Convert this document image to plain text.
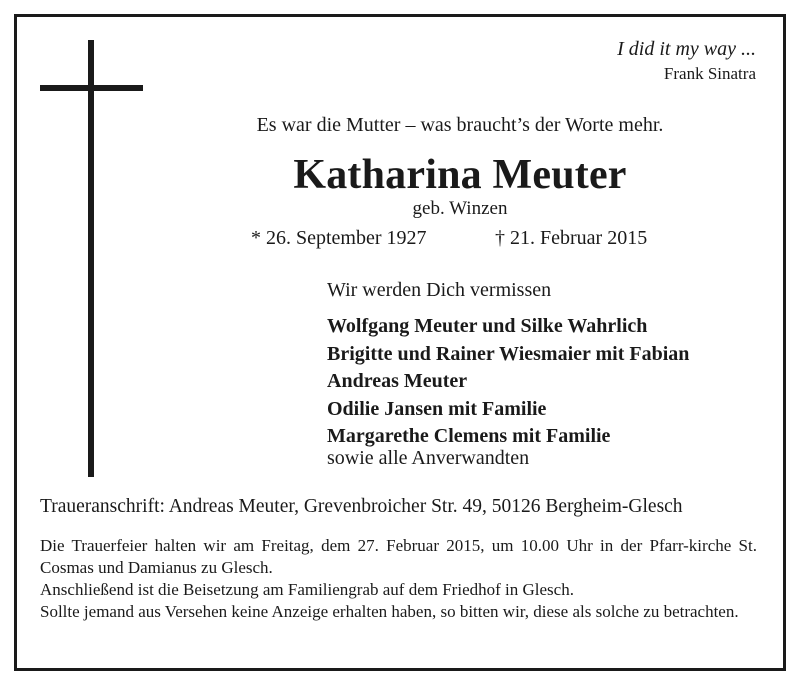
I did it my way ...
Frank Sinatra
Es war die Mutter – was braucht’s der Worte mehr.
Katharina Meuter
geb. Winzen
* 26. September 1927	† 21. Februar 2015
Wir werden Dich vermissen
Wolfgang Meuter und Silke Wahrlich
Brigitte und Rainer Wiesmaier mit Fabian
Andreas Meuter
Odilie Jansen mit Familie
Margarethe Clemens mit Familie
sowie alle Anverwandten
Traueranschrift: Andreas Meuter, Grevenbroicher Str. 49, 50126 Bergheim-Glesch

Die Trauerfeier halten wir am Freitag, dem 27. Februar 2015, um 10.00 Uhr in der Pfarr-kirche St. Cosmas und Damianus zu Glesch.

Anschließend ist die Beisetzung am Familiengrab auf dem Friedhof in Glesch.

Sollte jemand aus Versehen keine Anzeige erhalten haben, so bitten wir, diese als solche zu betrachten.
